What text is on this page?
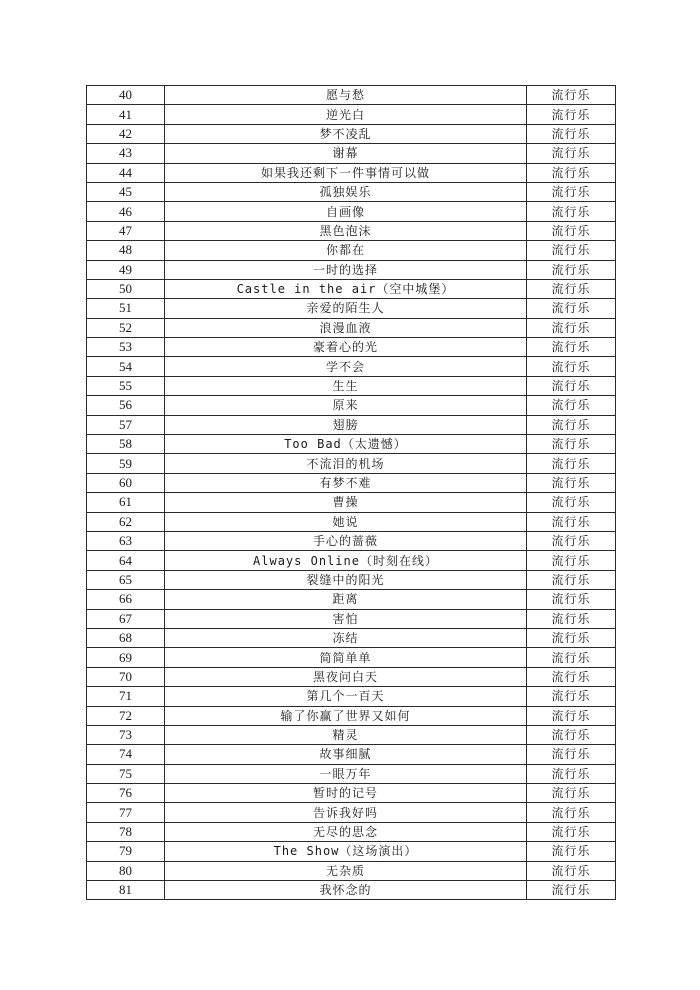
40	愿与愁	流行乐
41	逆光白	流行乐
42	梦不凌乱	流行乐
43	谢幕	流行乐
44	如果我还剩下一件事情可以做	流行乐
45	孤独娱乐	流行乐
46	自画像	流行乐
47	黑色泡沫	流行乐
48	你都在	流行乐
49	一时的选择	流行乐
50	Castle in the air（空中城堡）	流行乐
51	亲爱的陌生人	流行乐
52	浪漫血液	流行乐
53	豪着心的光	流行乐
54	学不会	流行乐
55	生生	流行乐
56	原来	流行乐
57	翅膀	流行乐
58	Too Bad（太遗憾）	流行乐
59	不流泪的机场	流行乐
60	有梦不难	流行乐
61	曹操	流行乐
62	她说	流行乐
63	手心的蔷薇	流行乐
64	Always Online（时刻在线）	流行乐
65	裂缝中的阳光	流行乐
66	距离	流行乐
67	害怕	流行乐
68	冻结	流行乐
69	简简单单	流行乐
70	黑夜问白天	流行乐
71	第几个一百天	流行乐
72	输了你赢了世界又如何	流行乐
73	精灵	流行乐
74	故事细腻	流行乐
75	一眼万年	流行乐
76	暂时的记号	流行乐
77	告诉我好吗	流行乐
78	无尽的思念	流行乐
79	The Show（这场演出）	流行乐
80	无杂质	流行乐
81	我怀念的	流行乐
